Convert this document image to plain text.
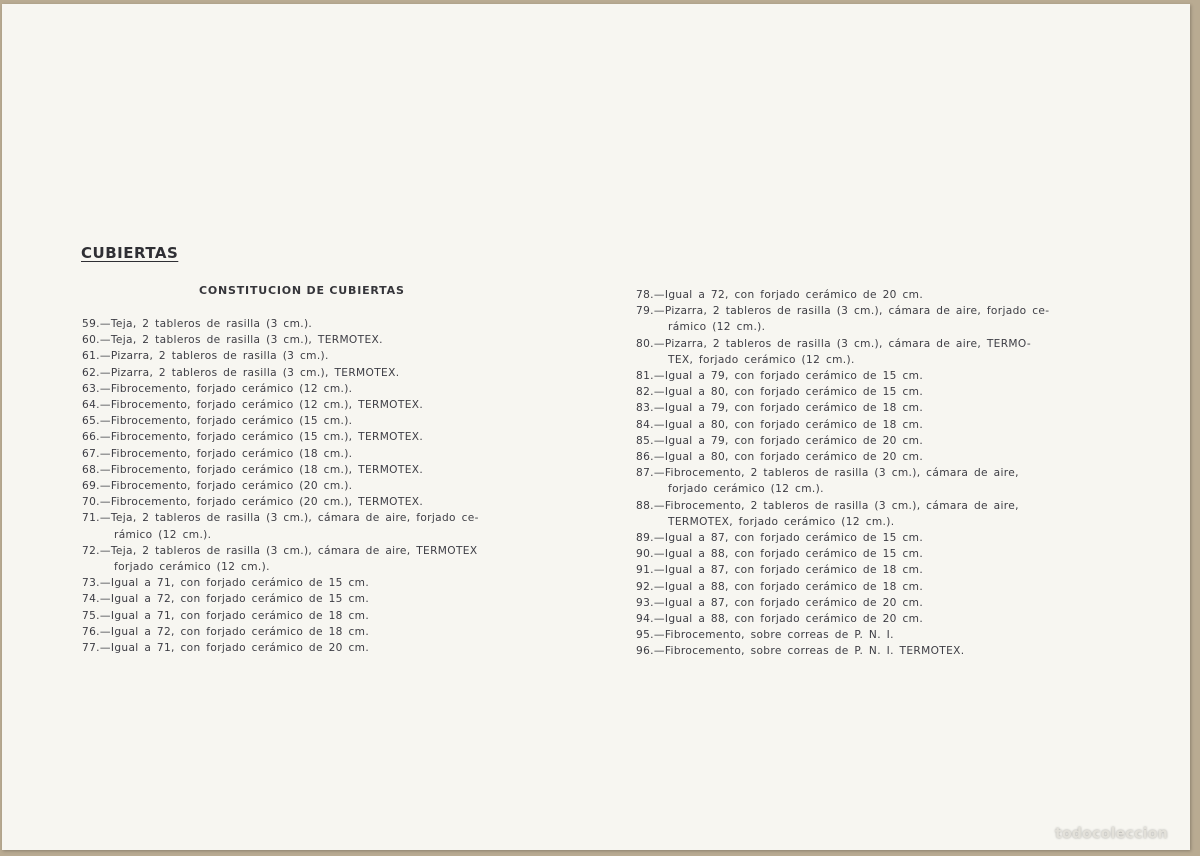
CUBIERTAS
CONSTITUCION DE CUBIERTAS
59.—Teja, 2 tableros de rasilla (3 cm.).
60.—Teja, 2 tableros de rasilla (3 cm.), TERMOTEX.
61.—Pizarra, 2 tableros de rasilla (3 cm.).
62.—Pizarra, 2 tableros de rasilla (3 cm.), TERMOTEX.
63.—Fibrocemento, forjado cerámico (12 cm.).
64.—Fibrocemento, forjado cerámico (12 cm.), TERMOTEX.
65.—Fibrocemento, forjado cerámico (15 cm.).
66.—Fibrocemento, forjado cerámico (15 cm.), TERMOTEX.
67.—Fibrocemento, forjado cerámico (18 cm.).
68.—Fibrocemento, forjado cerámico (18 cm.), TERMOTEX.
69.—Fibrocemento, forjado cerámico (20 cm.).
70.—Fibrocemento, forjado cerámico (20 cm.), TERMOTEX.
71.—Teja, 2 tableros de rasilla (3 cm.), cámara de aire, forjado ce-
rámico (12 cm.).
72.—Teja, 2 tableros de rasilla (3 cm.), cámara de aire, TERMOTEX
forjado cerámico (12 cm.).
73.—Igual a 71, con forjado cerámico de 15 cm.
74.—Igual a 72, con forjado cerámico de 15 cm.
75.—Igual a 71, con forjado cerámico de 18 cm.
76.—Igual a 72, con forjado cerámico de 18 cm.
77.—Igual a 71, con forjado cerámico de 20 cm.
78.—Igual a 72, con forjado cerámico de 20 cm.
79.—Pizarra, 2 tableros de rasilla (3 cm.), cámara de aire, forjado ce-
rámico (12 cm.).
80.—Pizarra, 2 tableros de rasilla (3 cm.), cámara de aire, TERMO-
TEX, forjado cerámico (12 cm.).
81.—Igual a 79, con forjado cerámico de 15 cm.
82.—Igual a 80, con forjado cerámico de 15 cm.
83.—Igual a 79, con forjado cerámico de 18 cm.
84.—Igual a 80, con forjado cerámico de 18 cm.
85.—Igual a 79, con forjado cerámico de 20 cm.
86.—Igual a 80, con forjado cerámico de 20 cm.
87.—Fibrocemento, 2 tableros de rasilla (3 cm.), cámara de aire,
forjado cerámico (12 cm.).
88.—Fibrocemento, 2 tableros de rasilla (3 cm.), cámara de aire,
TERMOTEX, forjado cerámico (12 cm.).
89.—Igual a 87, con forjado cerámico de 15 cm.
90.—Igual a 88, con forjado cerámico de 15 cm.
91.—Igual a 87, con forjado cerámico de 18 cm.
92.—Igual a 88, con forjado cerámico de 18 cm.
93.—Igual a 87, con forjado cerámico de 20 cm.
94.—Igual a 88, con forjado cerámico de 20 cm.
95.—Fibrocemento, sobre correas de P. N. I.
96.—Fibrocemento, sobre correas de P. N. I. TERMOTEX.
todocoleccion
